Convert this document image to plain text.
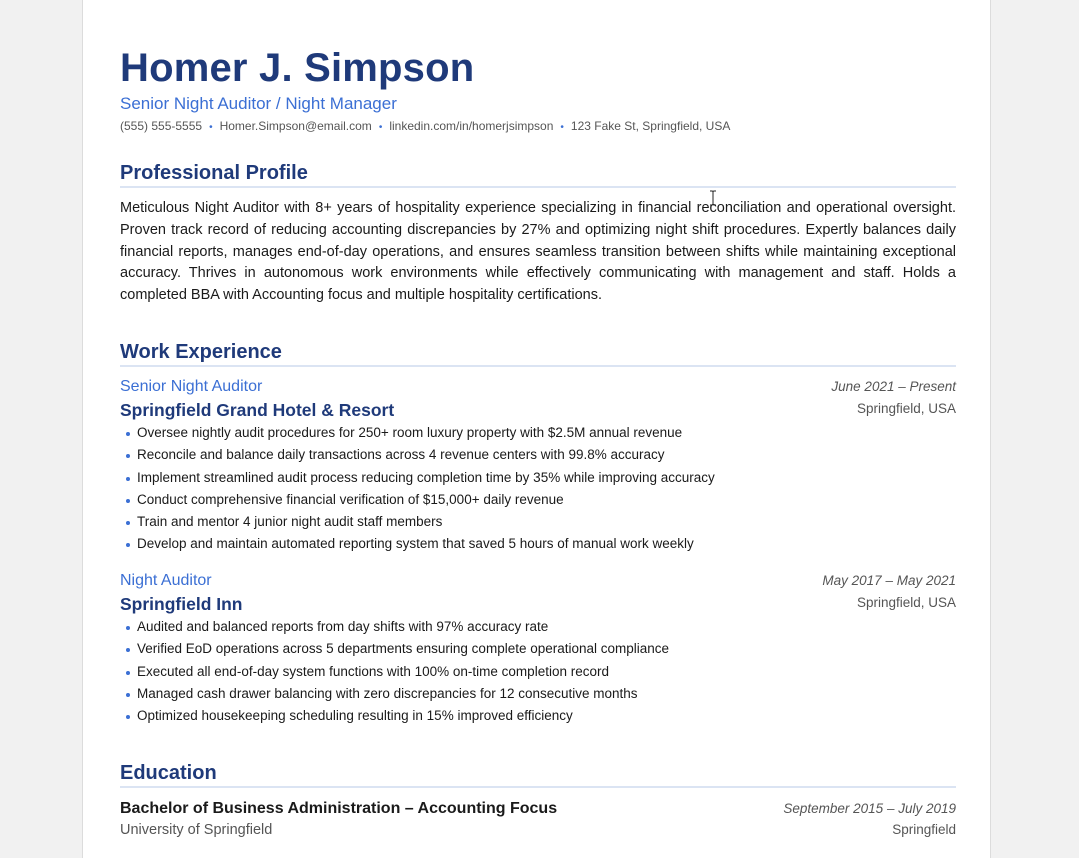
Homer J. Simpson
Senior Night Auditor / Night Manager
(555) 555-5555 • Homer.Simpson@email.com • linkedin.com/in/homerjsimpson • 123 Fake St, Springfield, USA
Professional Profile
Meticulous Night Auditor with 8+ years of hospitality experience specializing in financial reconciliation and operational oversight. Proven track record of reducing accounting discrepancies by 27% and optimizing night shift procedures. Expertly balances daily financial reports, manages end-of-day operations, and ensures seamless transition between shifts while maintaining exceptional accuracy. Thrives in autonomous work environments while effectively communicating with management and staff. Holds a completed BBA with Accounting focus and multiple hospitality certifications.
Work Experience
Senior Night Auditor	June 2021 – Present
Springfield Grand Hotel & Resort	Springfield, USA
Oversee nightly audit procedures for 250+ room luxury property with $2.5M annual revenue
Reconcile and balance daily transactions across 4 revenue centers with 99.8% accuracy
Implement streamlined audit process reducing completion time by 35% while improving accuracy
Conduct comprehensive financial verification of $15,000+ daily revenue
Train and mentor 4 junior night audit staff members
Develop and maintain automated reporting system that saved 5 hours of manual work weekly
Night Auditor	May 2017 – May 2021
Springfield Inn	Springfield, USA
Audited and balanced reports from day shifts with 97% accuracy rate
Verified EoD operations across 5 departments ensuring complete operational compliance
Executed all end-of-day system functions with 100% on-time completion record
Managed cash drawer balancing with zero discrepancies for 12 consecutive months
Optimized housekeeping scheduling resulting in 15% improved efficiency
Education
Bachelor of Business Administration – Accounting Focus	September 2015 – July 2019
University of Springfield	Springfield
